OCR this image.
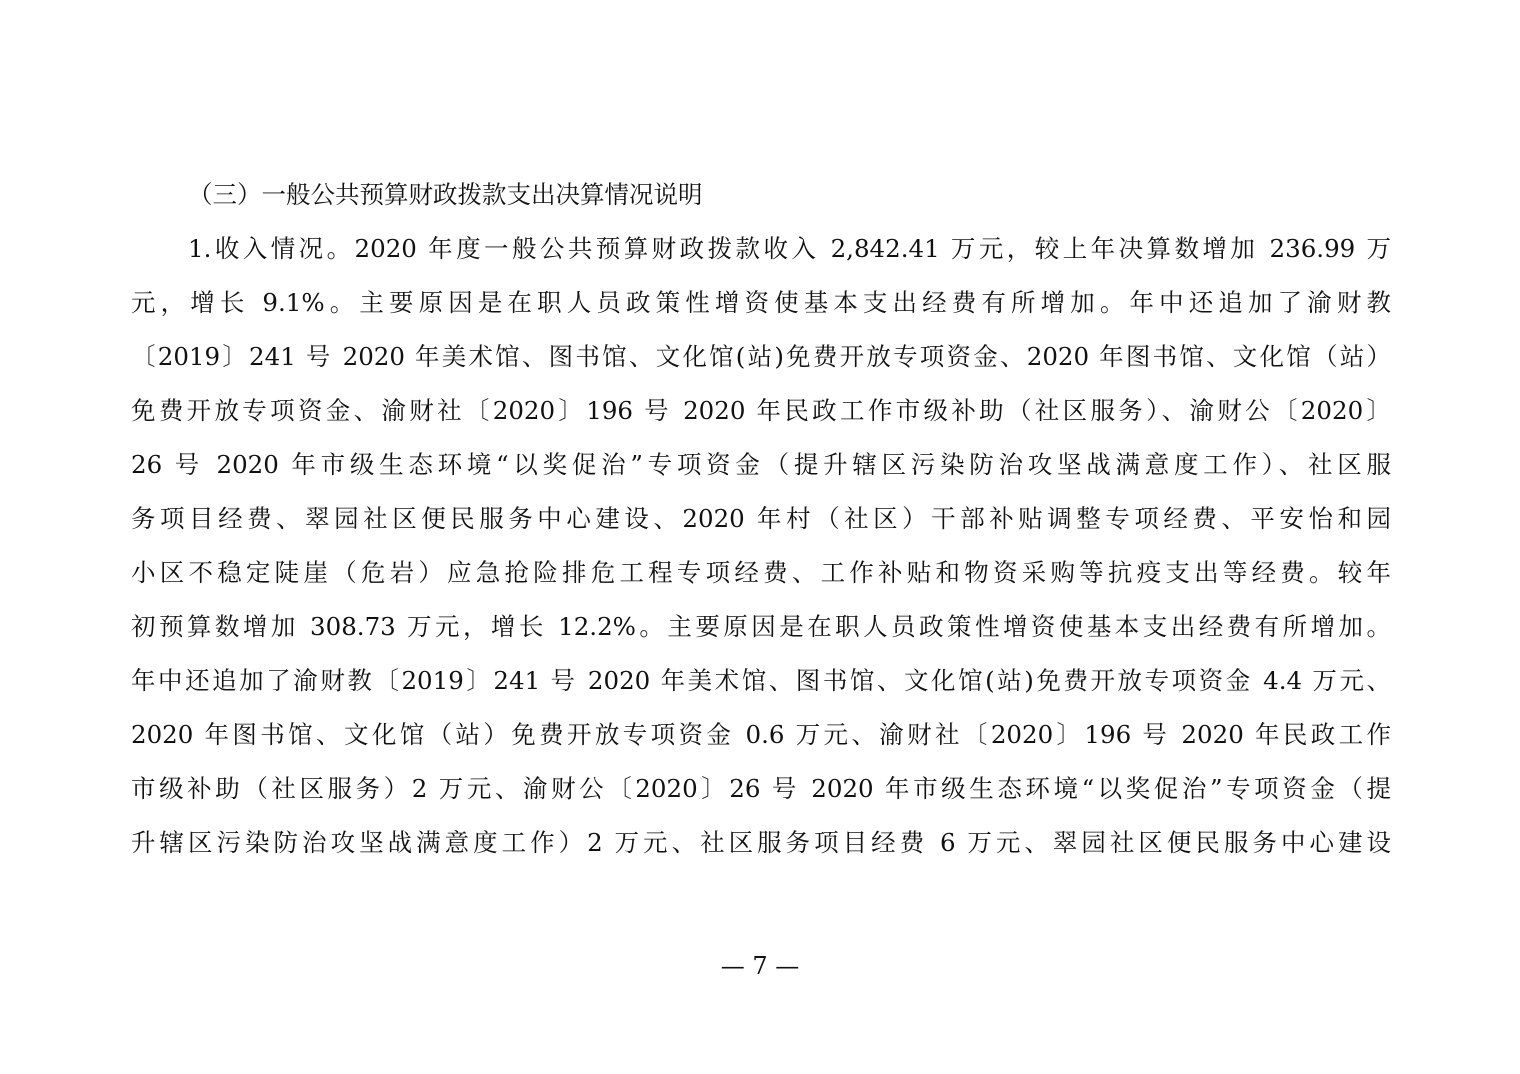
（三）一般公共预算财政拨款支出决算情况说明
1.收入情况。2020 年度一般公共预算财政拨款收入 2,842.41 万元，较上年决算数增加 236.99 万
元，增长 9.1%。主要原因是在职人员政策性增资使基本支出经费有所增加。年中还追加了渝财教
〔2019〕241 号 2020 年美术馆、图书馆、文化馆(站)免费开放专项资金、2020 年图书馆、文化馆（站）
免费开放专项资金、渝财社〔2020〕196 号 2020 年民政工作市级补助（社区服务）、渝财公〔2020〕
26 号 2020 年市级生态环境“以奖促治”专项资金（提升辖区污染防治攻坚战满意度工作）、社区服
务项目经费、翠园社区便民服务中心建设、2020 年村（社区）干部补贴调整专项经费、平安怡和园
小区不稳定陡崖（危岩）应急抢险排危工程专项经费、工作补贴和物资采购等抗疫支出等经费。较年
初预算数增加 308.73 万元，增长 12.2%。主要原因是在职人员政策性增资使基本支出经费有所增加。
年中还追加了渝财教〔2019〕241 号 2020 年美术馆、图书馆、文化馆(站)免费开放专项资金 4.4 万元、
2020 年图书馆、文化馆（站）免费开放专项资金 0.6 万元、渝财社〔2020〕196 号 2020 年民政工作
市级补助（社区服务）2 万元、渝财公〔2020〕26 号 2020 年市级生态环境“以奖促治”专项资金（提
升辖区污染防治攻坚战满意度工作）2 万元、社区服务项目经费 6 万元、翠园社区便民服务中心建设
— 7 —
